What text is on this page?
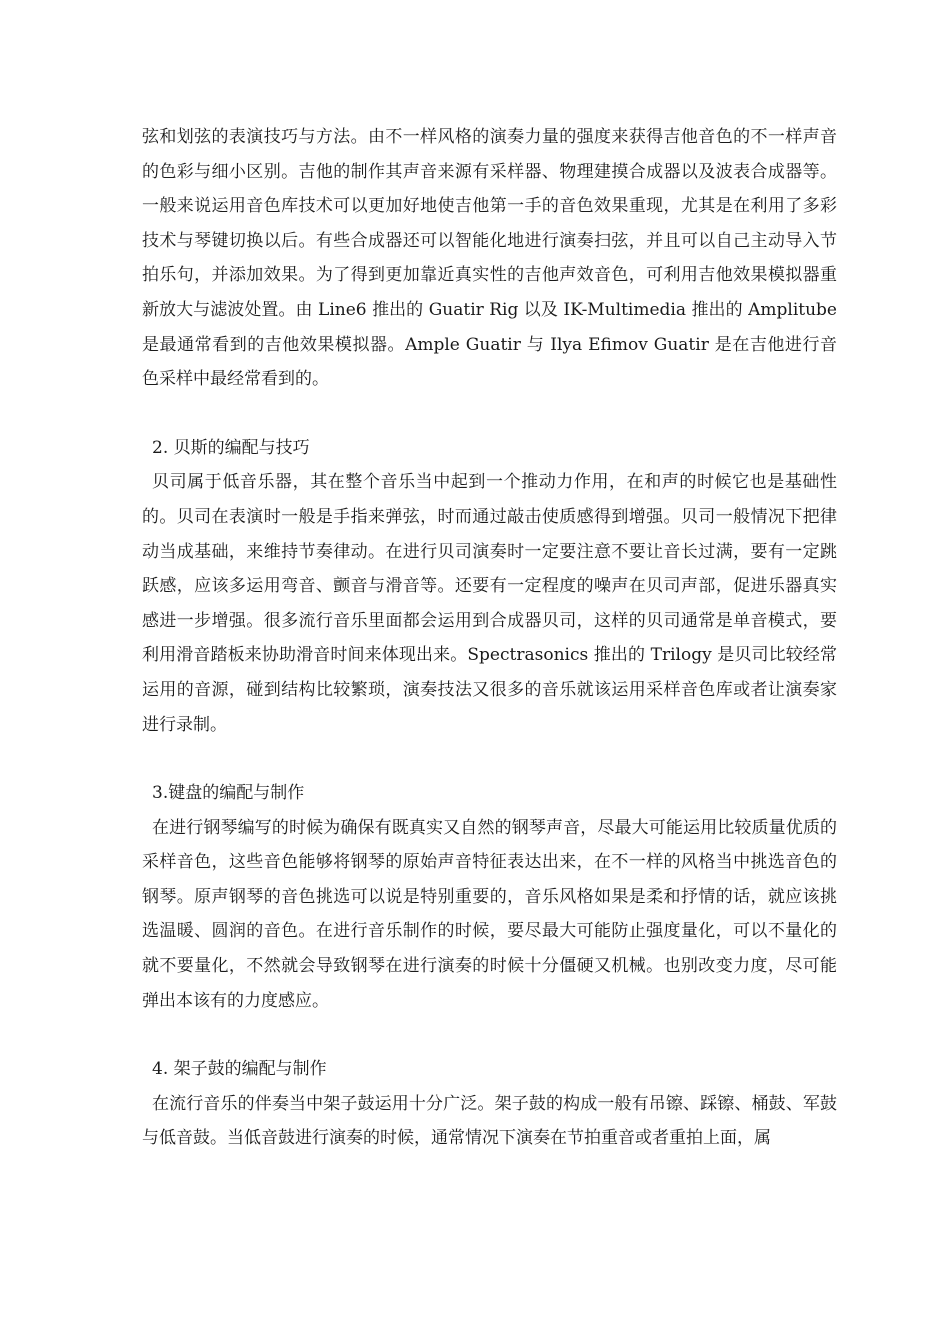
弦和划弦的表演技巧与方法。由不一样风格的演奏力量的强度来获得吉他音色的不一样声音的色彩与细小区别。吉他的制作其声音来源有采样器、物理建摸合成器以及波表合成器等。一般来说运用音色库技术可以更加好地使吉他第一手的音色效果重现，尤其是在利用了多彩技术与琴键切换以后。有些合成器还可以智能化地进行演奏扫弦，并且可以自己主动导入节拍乐句，并添加效果。为了得到更加靠近真实性的吉他声效音色，可利用吉他效果模拟器重新放大与滤波处置。由 Line6 推出的 Guatir Rig 以及 IK-Multimedia 推出的 Amplitube 是最通常看到的吉他效果模拟器。Ample Guatir 与 Ilya Efimov Guatir 是在吉他进行音色采样中最经常看到的。

2. 贝斯的编配与技巧

贝司属于低音乐器，其在整个音乐当中起到一个推动力作用，在和声的时候它也是基础性的。贝司在表演时一般是手指来弹弦，时而通过敲击使质感得到增强。贝司一般情况下把律动当成基础，来维持节奏律动。在进行贝司演奏时一定要注意不要让音长过满，要有一定跳跃感，应该多运用弯音、颤音与滑音等。还要有一定程度的噪声在贝司声部，促进乐器真实感进一步增强。很多流行音乐里面都会运用到合成器贝司，这样的贝司通常是单音模式，要利用滑音踏板来协助滑音时间来体现出来。Spectrasonics 推出的 Trilogy 是贝司比较经常运用的音源，碰到结构比较繁琐，演奏技法又很多的音乐就该运用采样音色库或者让演奏家进行录制。

3.键盘的编配与制作

在进行钢琴编写的时候为确保有既真实又自然的钢琴声音，尽最大可能运用比较质量优质的采样音色，这些音色能够将钢琴的原始声音特征表达出来，在不一样的风格当中挑选音色的钢琴。原声钢琴的音色挑选可以说是特别重要的，音乐风格如果是柔和抒情的话，就应该挑选温暖、圆润的音色。在进行音乐制作的时候，要尽最大可能防止强度量化，可以不量化的就不要量化，不然就会导致钢琴在进行演奏的时候十分僵硬又机械。也别改变力度，尽可能弹出本该有的力度感应。

4. 架子鼓的编配与制作

在流行音乐的伴奏当中架子鼓运用十分广泛。架子鼓的构成一般有吊镲、踩镲、桶鼓、军鼓与低音鼓。当低音鼓进行演奏的时候，通常情况下演奏在节拍重音或者重拍上面，属
